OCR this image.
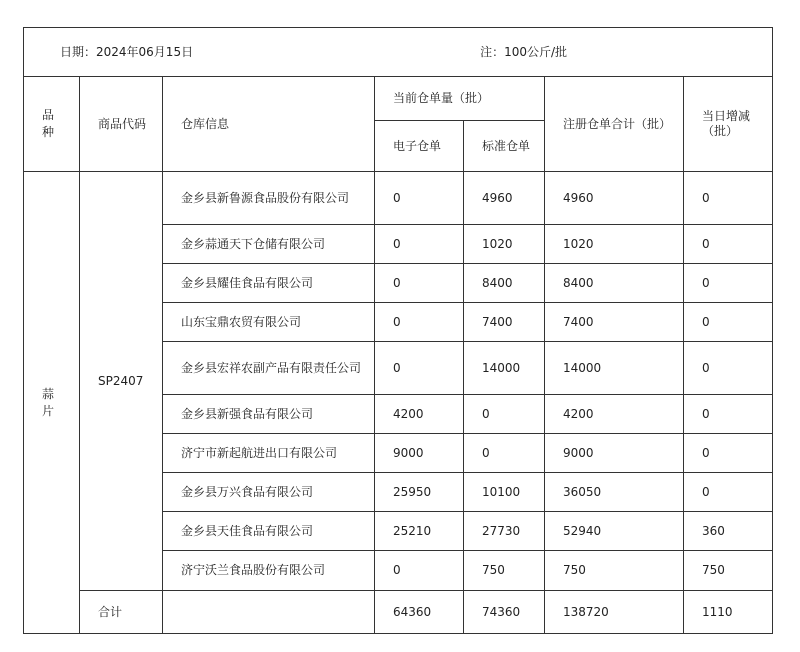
日期：2024年06月15日 注：100公斤/批						

品种	商品代码	仓库信息	当前仓单量（批）		注册仓单合计（批）	当日增减（批）
			电子仓单	标准仓单		
蒜片	SP2407	金乡县新鲁源食品股份有限公司	0	4960	4960	0
		金乡蒜通天下仓储有限公司	0	1020	1020	0
		金乡县耀佳食品有限公司	0	8400	8400	0
		山东宝鼎农贸有限公司	0	7400	7400	0
		金乡县宏祥农副产品有限责任公司	0	14000	14000	0
		金乡县新强食品有限公司	4200	0	4200	0
		济宁市新起航进出口有限公司	9000	0	9000	0
		金乡县万兴食品有限公司	25950	10100	36050	0
		金乡县天佳食品有限公司	25210	27730	52940	360
		济宁沃兰食品股份有限公司	0	750	750	750
	合计		64360	74360	138720	1110
